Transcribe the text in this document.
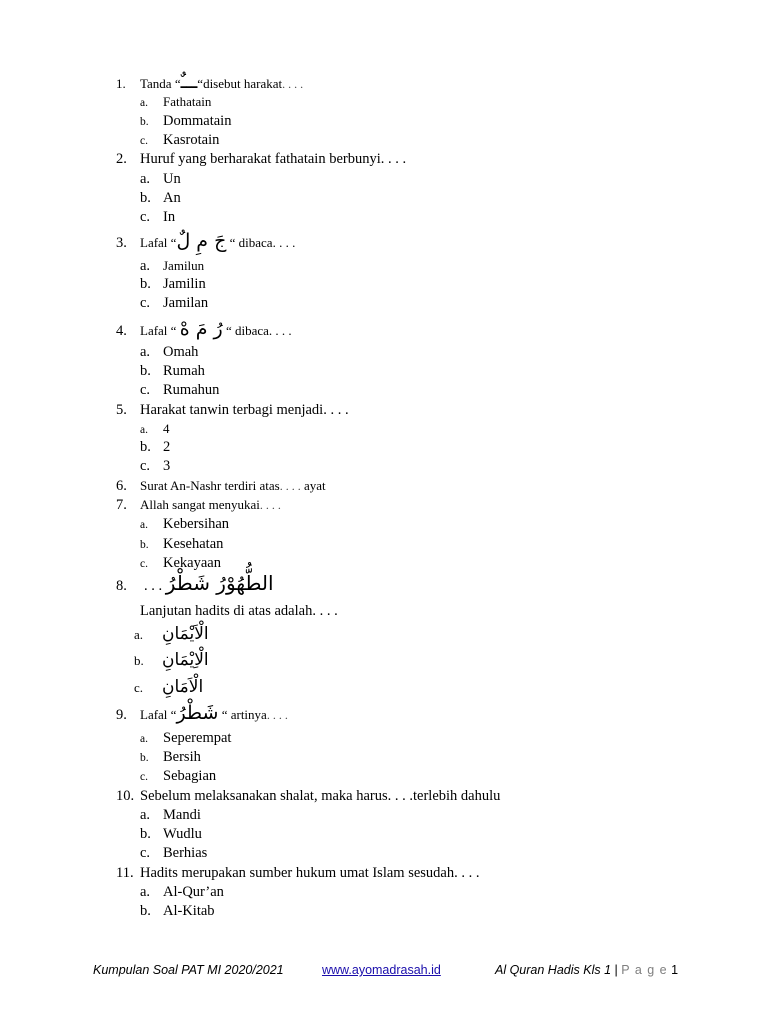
1. Tanda “ـــٌ“disebut harakat. . . .
a. Fathatain
b. Dommatain
c. Kasrotain
2. Huruf yang berharakat fathatain berbunyi. . . .
a. Un
b. An
c. In
3. Lafal “جَ مِ لٌ “ dibaca. . . .
a. Jamilun
b. Jamilin
c. Jamilan
4. Lafal “ رُ مَ هْ “ dibaca. . . .
a. Omah
b. Rumah
c. Rumahun
5. Harakat tanwin terbagi menjadi. . . .
a. 4
b. 2
c. 3
6. Surat An-Nashr terdiri atas. . . . ayat
7. Allah sangat menyukai. . . .
a. Kebersihan
b. Kesehatan
c. Kekayaan
8. . . . الطُّهُوْرُ شَطْرُ
Lanjutan hadits di atas adalah. . . .
a. الْاَيْمَانِ
b. الْاِيْمَانِ
c. الْاَمَانِ
9. Lafal “شَطْرُ “ artinya. . . .
a. Seperempat
b. Bersih
c. Sebagian
10. Sebelum melaksanakan shalat, maka harus. . . .terlebih dahulu
a. Mandi
b. Wudlu
c. Berhias
11. Hadits merupakan sumber hukum umat Islam sesudah. . . .
a. Al-Qur’an
b. Al-Kitab
Kumpulan Soal PAT MI 2020/2021	www.ayomadrasah.id	Al Quran Hadis Kls 1 | P a g e 1
